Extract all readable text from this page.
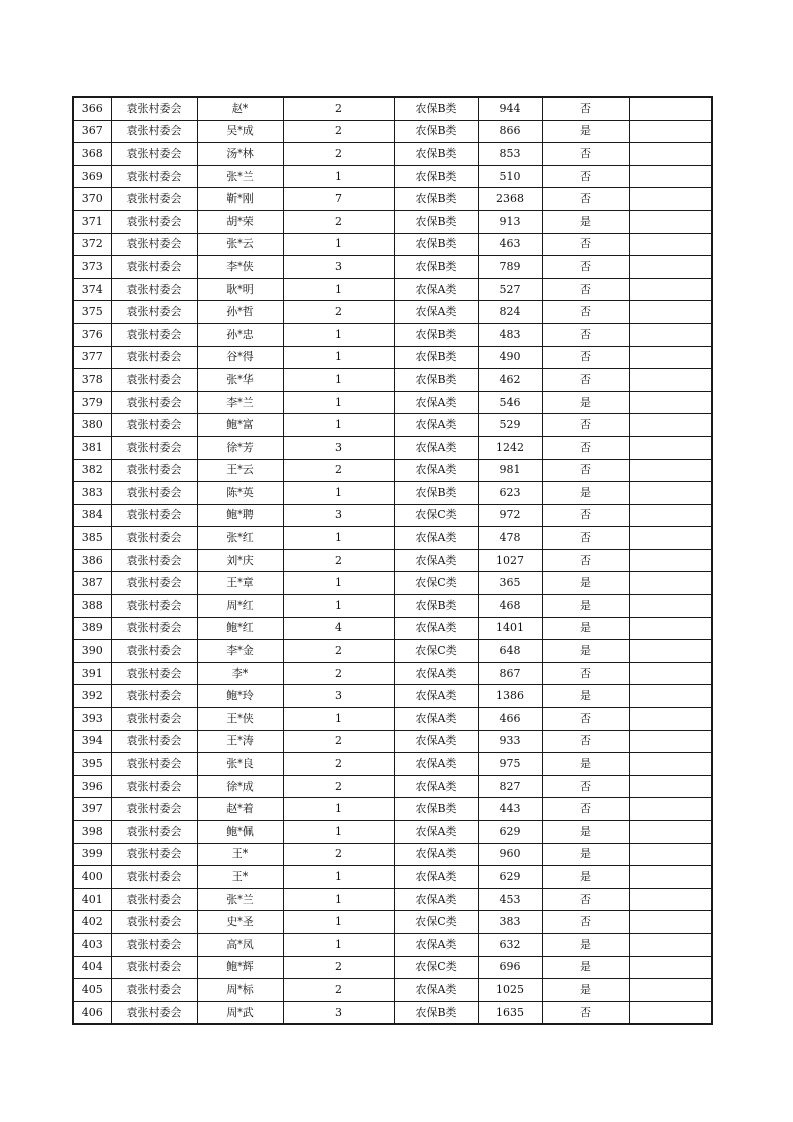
366	袁张村委会	赵*	2	农保B类	944	否	
367	袁张村委会	吴*成	2	农保B类	866	是	
368	袁张村委会	汤*林	2	农保B类	853	否	
369	袁张村委会	张*兰	1	农保B类	510	否	
370	袁张村委会	靳*刚	7	农保B类	2368	否	
371	袁张村委会	胡*荣	2	农保B类	913	是	
372	袁张村委会	张*云	1	农保B类	463	否	
373	袁张村委会	李*侠	3	农保B类	789	否	
374	袁张村委会	耿*明	1	农保A类	527	否	
375	袁张村委会	孙*哲	2	农保A类	824	否	
376	袁张村委会	孙*忠	1	农保B类	483	否	
377	袁张村委会	谷*得	1	农保B类	490	否	
378	袁张村委会	张*华	1	农保B类	462	否	
379	袁张村委会	李*兰	1	农保A类	546	是	
380	袁张村委会	鲍*富	1	农保A类	529	否	
381	袁张村委会	徐*芳	3	农保A类	1242	否	
382	袁张村委会	王*云	2	农保A类	981	否	
383	袁张村委会	陈*英	1	农保B类	623	是	
384	袁张村委会	鲍*聘	3	农保C类	972	否	
385	袁张村委会	张*红	1	农保A类	478	否	
386	袁张村委会	刘*庆	2	农保A类	1027	否	
387	袁张村委会	王*章	1	农保C类	365	是	
388	袁张村委会	周*红	1	农保B类	468	是	
389	袁张村委会	鲍*红	4	农保A类	1401	是	
390	袁张村委会	李*金	2	农保C类	648	是	
391	袁张村委会	李*	2	农保A类	867	否	
392	袁张村委会	鲍*玲	3	农保A类	1386	是	
393	袁张村委会	王*侠	1	农保A类	466	否	
394	袁张村委会	王*涛	2	农保A类	933	否	
395	袁张村委会	张*良	2	农保A类	975	是	
396	袁张村委会	徐*成	2	农保A类	827	否	
397	袁张村委会	赵*着	1	农保B类	443	否	
398	袁张村委会	鲍*佩	1	农保A类	629	是	
399	袁张村委会	王*	2	农保A类	960	是	
400	袁张村委会	王*	1	农保A类	629	是	
401	袁张村委会	张*兰	1	农保A类	453	否	
402	袁张村委会	史*圣	1	农保C类	383	否	
403	袁张村委会	高*凤	1	农保A类	632	是	
404	袁张村委会	鲍*辉	2	农保C类	696	是	
405	袁张村委会	周*标	2	农保A类	1025	是	
406	袁张村委会	周*武	3	农保B类	1635	否	
